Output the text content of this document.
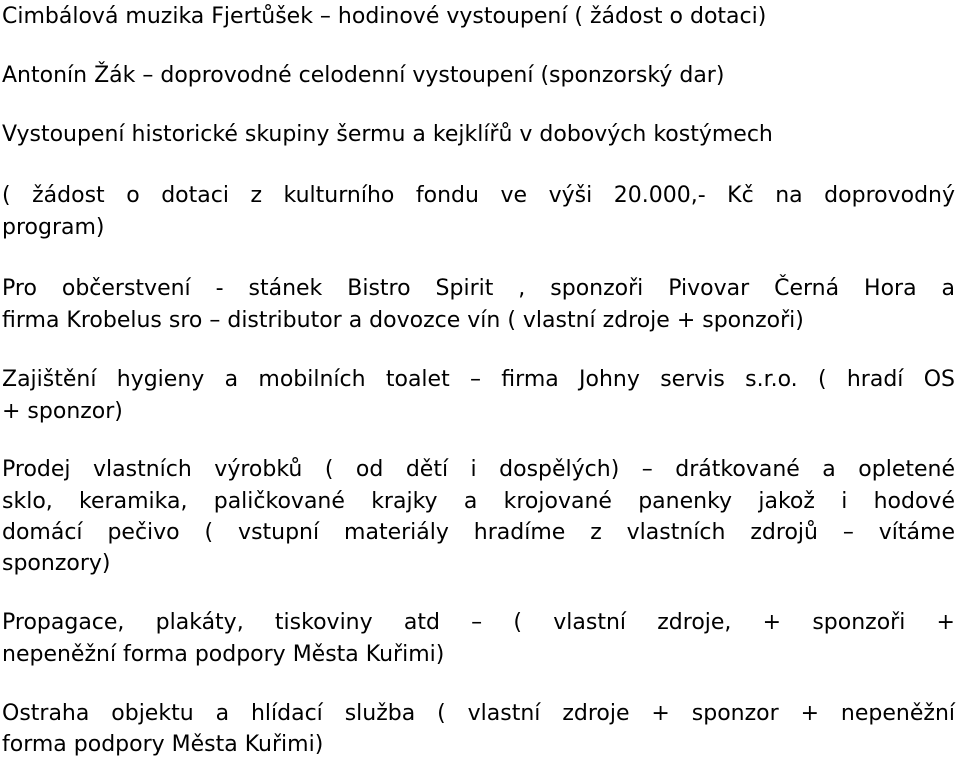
Cimbálová muzika Fjertůšek – hodinové vystoupení ( žádost o dotaci)
Antonín Žák – doprovodné celodenní vystoupení (sponzorský dar)
Vystoupení historické skupiny šermu a kejklířů v dobových kostýmech
( žádost o dotaci z kulturního fondu ve výši 20.000,- Kč na doprovodný
program)
Pro občerstvení - stánek Bistro Spirit , sponzoři Pivovar Černá Hora a
firma Krobelus sro – distributor a dovozce vín ( vlastní zdroje + sponzoři)
Zajištění hygieny a mobilních toalet – firma Johny servis s.r.o. ( hradí OS
+ sponzor)
Prodej vlastních výrobků ( od dětí i dospělých) – drátkované a opletené
sklo, keramika, paličkované krajky a krojované panenky jakož i hodové
domácí pečivo ( vstupní materiály hradíme z vlastních zdrojů – vítáme
sponzory)
Propagace, plakáty, tiskoviny atd – ( vlastní zdroje, + sponzoři +
nepeněžní forma podpory Města Kuřimi)
Ostraha objektu a hlídací služba ( vlastní zdroje + sponzor + nepeněžní
forma podpory Města Kuřimi)
